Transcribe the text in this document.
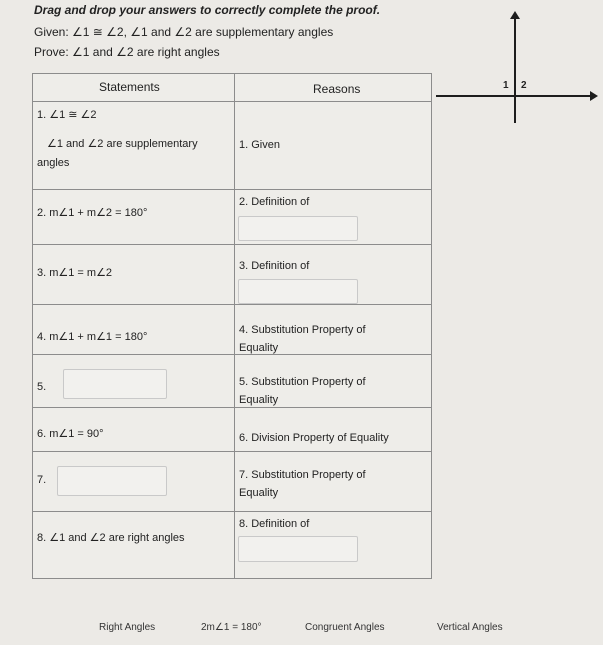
Drag and drop your answers to correctly complete the proof.
Given: ∠1 ≅ ∠2, ∠1 and ∠2 are supplementary angles
Prove: ∠1 and ∠2 are right angles
Statements	Reasons
1. ∠1 ≅ ∠2
∠1 and ∠2 are supplementary
angles
1. Given
2. m∠1 + m∠2 = 180°
2. Definition of
3. m∠1 = m∠2
3. Definition of
4. m∠1 + m∠1 = 180°
4. Substitution Property of
Equality
5.	5. Substitution Property of
Equality
6. m∠1 = 90°	6. Division Property of Equality
7.	7. Substitution Property of
Equality
8. ∠1 and ∠2 are right angles
8. Definition of
1 2
Right Angles	2m∠1 = 180°	Congruent Angles	Vertical Angles
